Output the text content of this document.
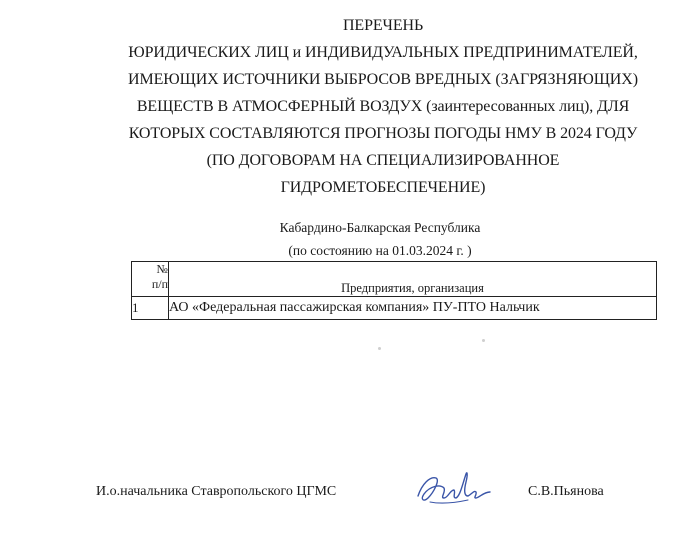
ПЕРЕЧЕНЬ
ЮРИДИЧЕСКИХ ЛИЦ и ИНДИВИДУАЛЬНЫХ ПРЕДПРИНИМАТЕЛЕЙ,
ИМЕЮЩИХ ИСТОЧНИКИ ВЫБРОСОВ ВРЕДНЫХ (ЗАГРЯЗНЯЮЩИХ)
ВЕЩЕСТВ В АТМОСФЕРНЫЙ ВОЗДУХ (заинтересованных лиц), ДЛЯ
КОТОРЫХ СОСТАВЛЯЮТСЯ ПРОГНОЗЫ ПОГОДЫ НМУ В 2024 ГОДУ
(ПО ДОГОВОРАМ НА СПЕЦИАЛИЗИРОВАННОЕ
ГИДРОМЕТОБЕСПЕЧЕНИЕ)
Кабардино-Балкарская Республика
(по состоянию на 01.03.2024 г. )
№
п/п	Предприятия, организация
1	АО «Федеральная пассажирская компания» ПУ-ПТО Нальчик
И.о.начальника Ставропольского ЦГМС	С.В.Пьянова
